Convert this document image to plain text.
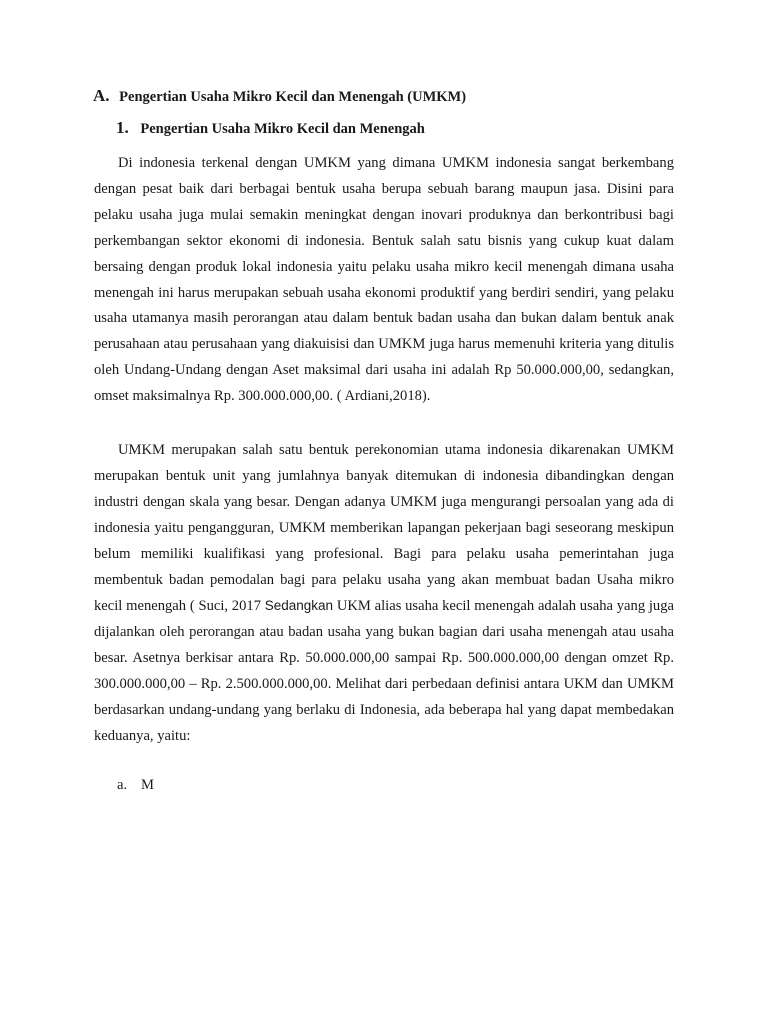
A. Pengertian Usaha Mikro Kecil dan Menengah (UMKM)
1. Pengertian Usaha Mikro Kecil dan Menengah

Di indonesia terkenal dengan UMKM yang dimana UMKM indonesia sangat berkembang dengan pesat baik dari berbagai bentuk usaha berupa sebuah barang maupun jasa. Disini para pelaku usaha juga mulai semakin meningkat dengan inovari produknya dan berkontribusi bagi perkembangan sektor ekonomi di indonesia. Bentuk salah satu bisnis yang cukup kuat dalam bersaing dengan produk lokal indonesia yaitu pelaku usaha mikro kecil menengah dimana usaha menengah ini harus merupakan sebuah usaha ekonomi produktif yang berdiri sendiri, yang pelaku usaha utamanya masih perorangan atau dalam bentuk badan usaha dan bukan dalam bentuk anak perusahaan atau perusahaan yang diakuisisi dan UMKM juga harus memenuhi kriteria yang ditulis oleh Undang-Undang dengan Aset maksimal dari usaha ini adalah Rp 50.000.000,00, sedangkan, omset maksimalnya Rp. 300.000.000,00. ( Ardiani,2018).

UMKM merupakan salah satu bentuk perekonomian utama indonesia dikarenakan UMKM merupakan bentuk unit yang jumlahnya banyak ditemukan di indonesia dibandingkan dengan industri dengan skala yang besar. Dengan adanya UMKM juga mengurangi persoalan yang ada di indonesia yaitu pengangguran, UMKM memberikan lapangan pekerjaan bagi seseorang meskipun belum memiliki kualifikasi yang profesional. Bagi para pelaku usaha pemerintahan juga membentuk badan pemodalan bagi para pelaku usaha yang akan membuat badan Usaha mikro kecil menengah ( Suci, 2017 Sedangkan UKM alias usaha kecil menengah adalah usaha yang juga dijalankan oleh perorangan atau badan usaha yang bukan bagian dari usaha menengah atau usaha besar. Asetnya berkisar antara Rp. 50.000.000,00 sampai Rp. 500.000.000,00 dengan omzet Rp. 300.000.000,00 – Rp. 2.500.000.000,00. Melihat dari perbedaan definisi antara UKM dan UMKM berdasarkan undang-undang yang berlaku di Indonesia, ada beberapa hal yang dapat membedakan keduanya, yaitu:

a. M
